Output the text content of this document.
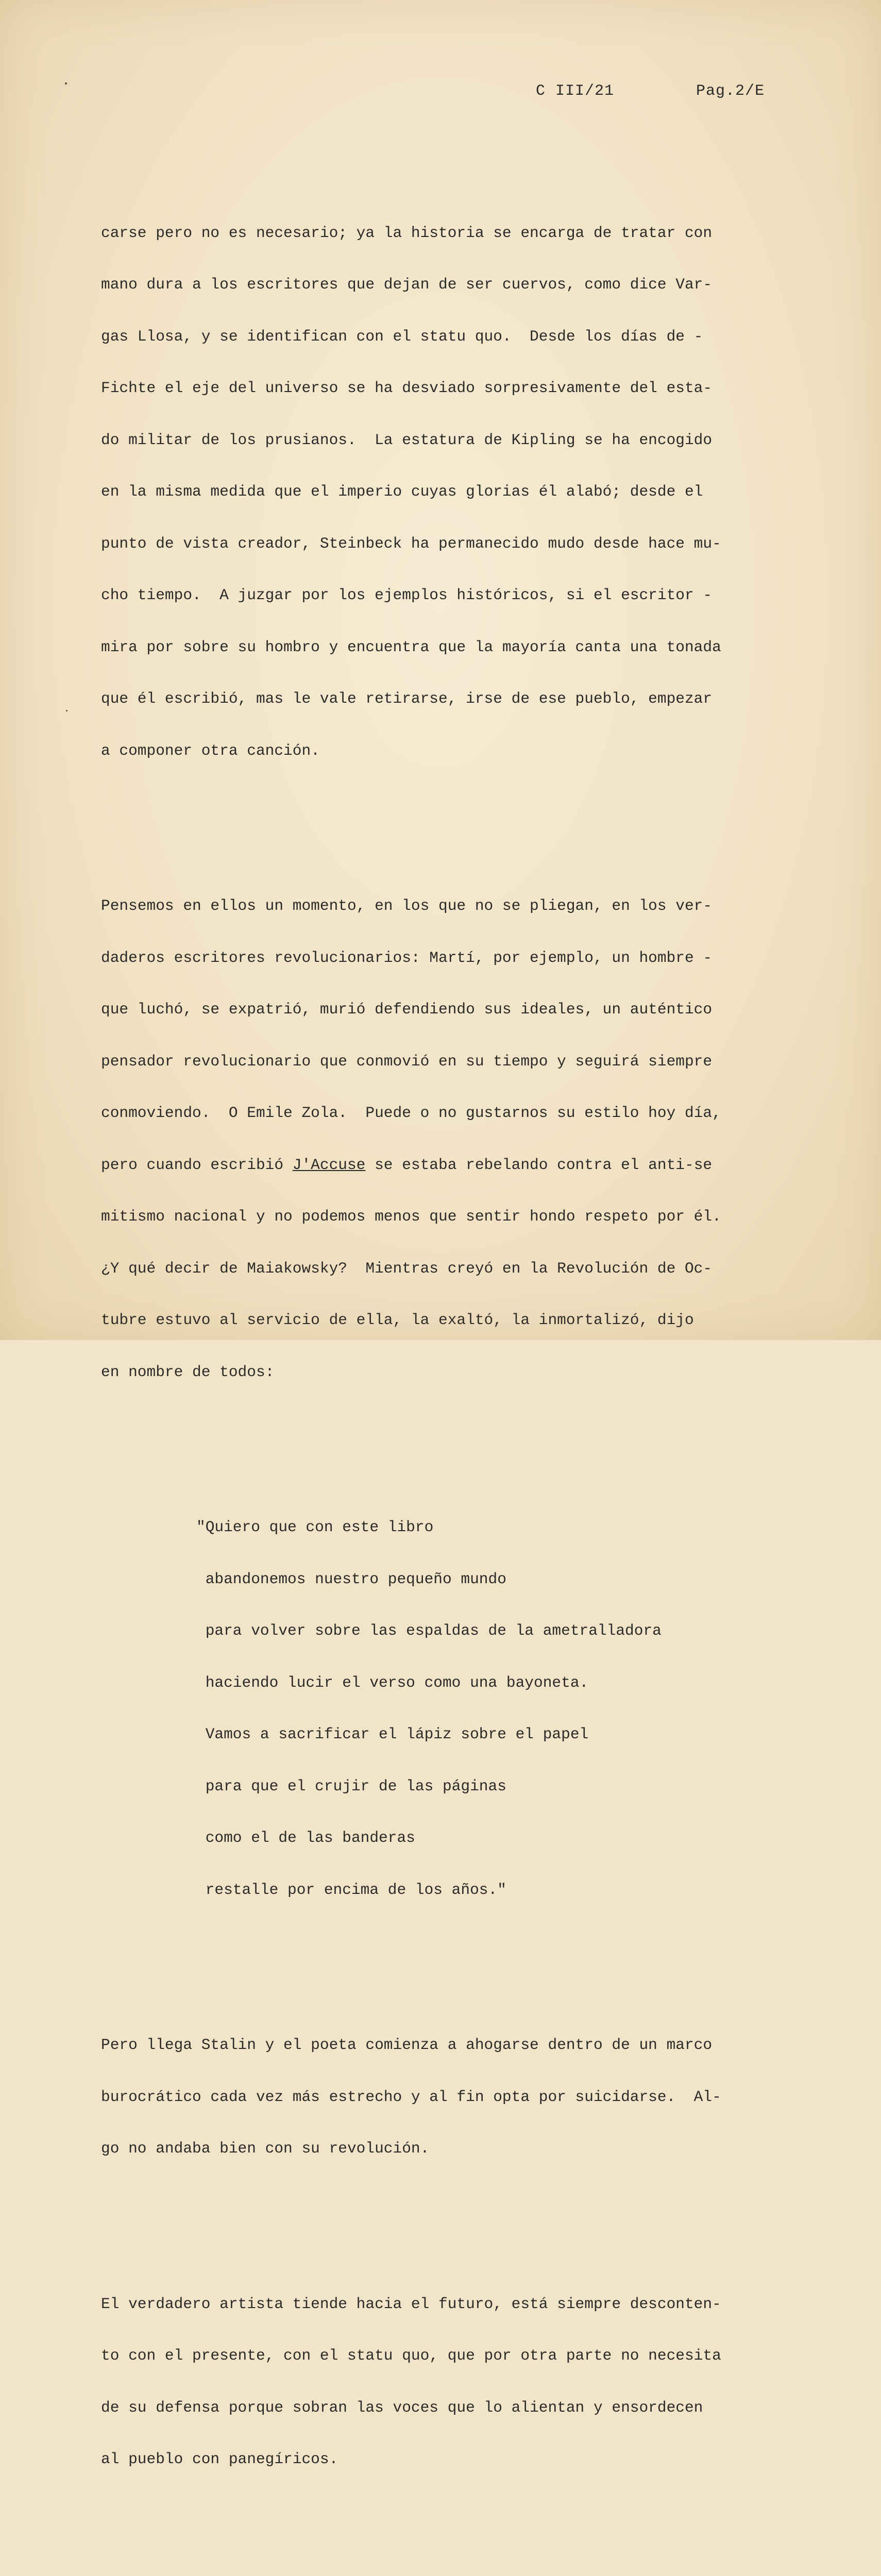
C III/21	Pag.2/E

carse pero no es necesario; ya la historia se encarga de tratar con

mano dura a los escritores que dejan de ser cuervos, como dice Var-

gas Llosa, y se identifican con el statu quo.  Desde los días de -

Fichte el eje del universo se ha desviado sorpresivamente del esta-

do militar de los prusianos.  La estatura de Kipling se ha encogido

en la misma medida que el imperio cuyas glorias él alabó; desde el

punto de vista creador, Steinbeck ha permanecido mudo desde hace mu-

cho tiempo.  A juzgar por los ejemplos históricos, si el escritor -

mira por sobre su hombro y encuentra que la mayoría canta una tonada

que él escribió, mas le vale retirarse, irse de ese pueblo, empezar

a componer otra canción.

Pensemos en ellos un momento, en los que no se pliegan, en los ver-

daderos escritores revolucionarios: Martí, por ejemplo, un hombre -

que luchó, se expatrió, murió defendiendo sus ideales, un auténtico

pensador revolucionario que conmovió en su tiempo y seguirá siempre

conmoviendo.  O Emile Zola.  Puede o no gustarnos su estilo hoy día,

pero cuando escribió J'Accuse se estaba rebelando contra el anti-se

mitismo nacional y no podemos menos que sentir hondo respeto por él.

¿Y qué decir de Maiakowsky?  Mientras creyó en la Revolución de Oc-

tubre estuvo al servicio de ella, la exaltó, la inmortalizó, dijo

en nombre de todos:

"Quiero que con este libro

abandonemos nuestro pequeño mundo

para volver sobre las espaldas de la ametralladora

haciendo lucir el verso como una bayoneta.

Vamos a sacrificar el lápiz sobre el papel

para que el crujir de las páginas

como el de las banderas

restalle por encima de los años."

Pero llega Stalin y el poeta comienza a ahogarse dentro de un marco

burocrático cada vez más estrecho y al fin opta por suicidarse.  Al-

go no andaba bien con su revolución.

El verdadero artista tiende hacia el futuro, está siempre desconten-

to con el presente, con el statu quo, que por otra parte no necesita

de su defensa porque sobran las voces que lo alientan y ensordecen

al pueblo con panegíricos.
